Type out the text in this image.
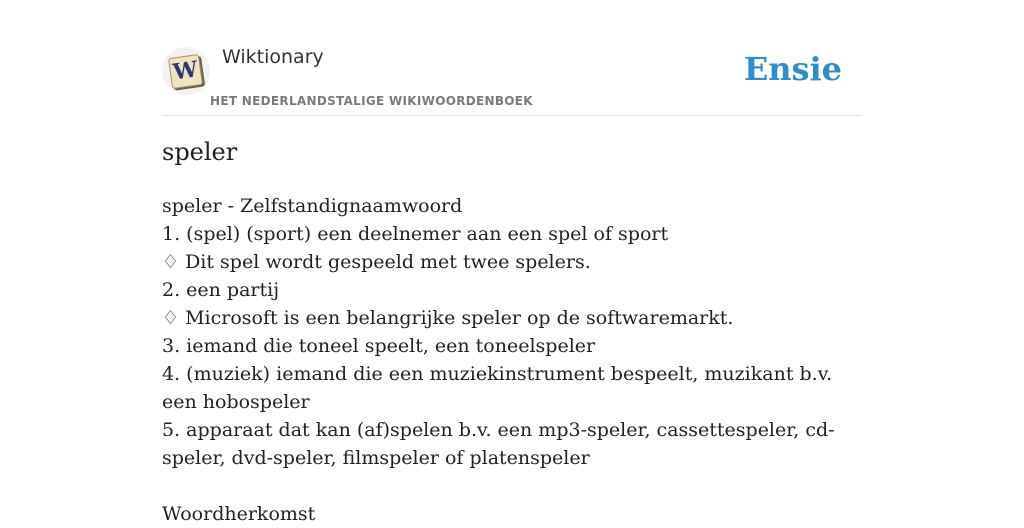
W Wiktionary
HET NEDERLANDSTALIGE WIKIWOORDENBOEK
Ensie
speler
speler - Zelfstandignaamwoord
1. (spel) (sport) een deelnemer aan een spel of sport
♢ Dit spel wordt gespeeld met twee spelers.
2. een partij
♢ Microsoft is een belangrijke speler op de softwaremarkt.
3. iemand die toneel speelt, een toneelspeler
4. (muziek) iemand die een muziekinstrument bespeelt, muzikant b.v. een hobospeler
5. apparaat dat kan (af)spelen b.v. een mp3-speler, cassettespeler, cd-speler, dvd-speler, filmspeler of platenspeler
Woordherkomst
